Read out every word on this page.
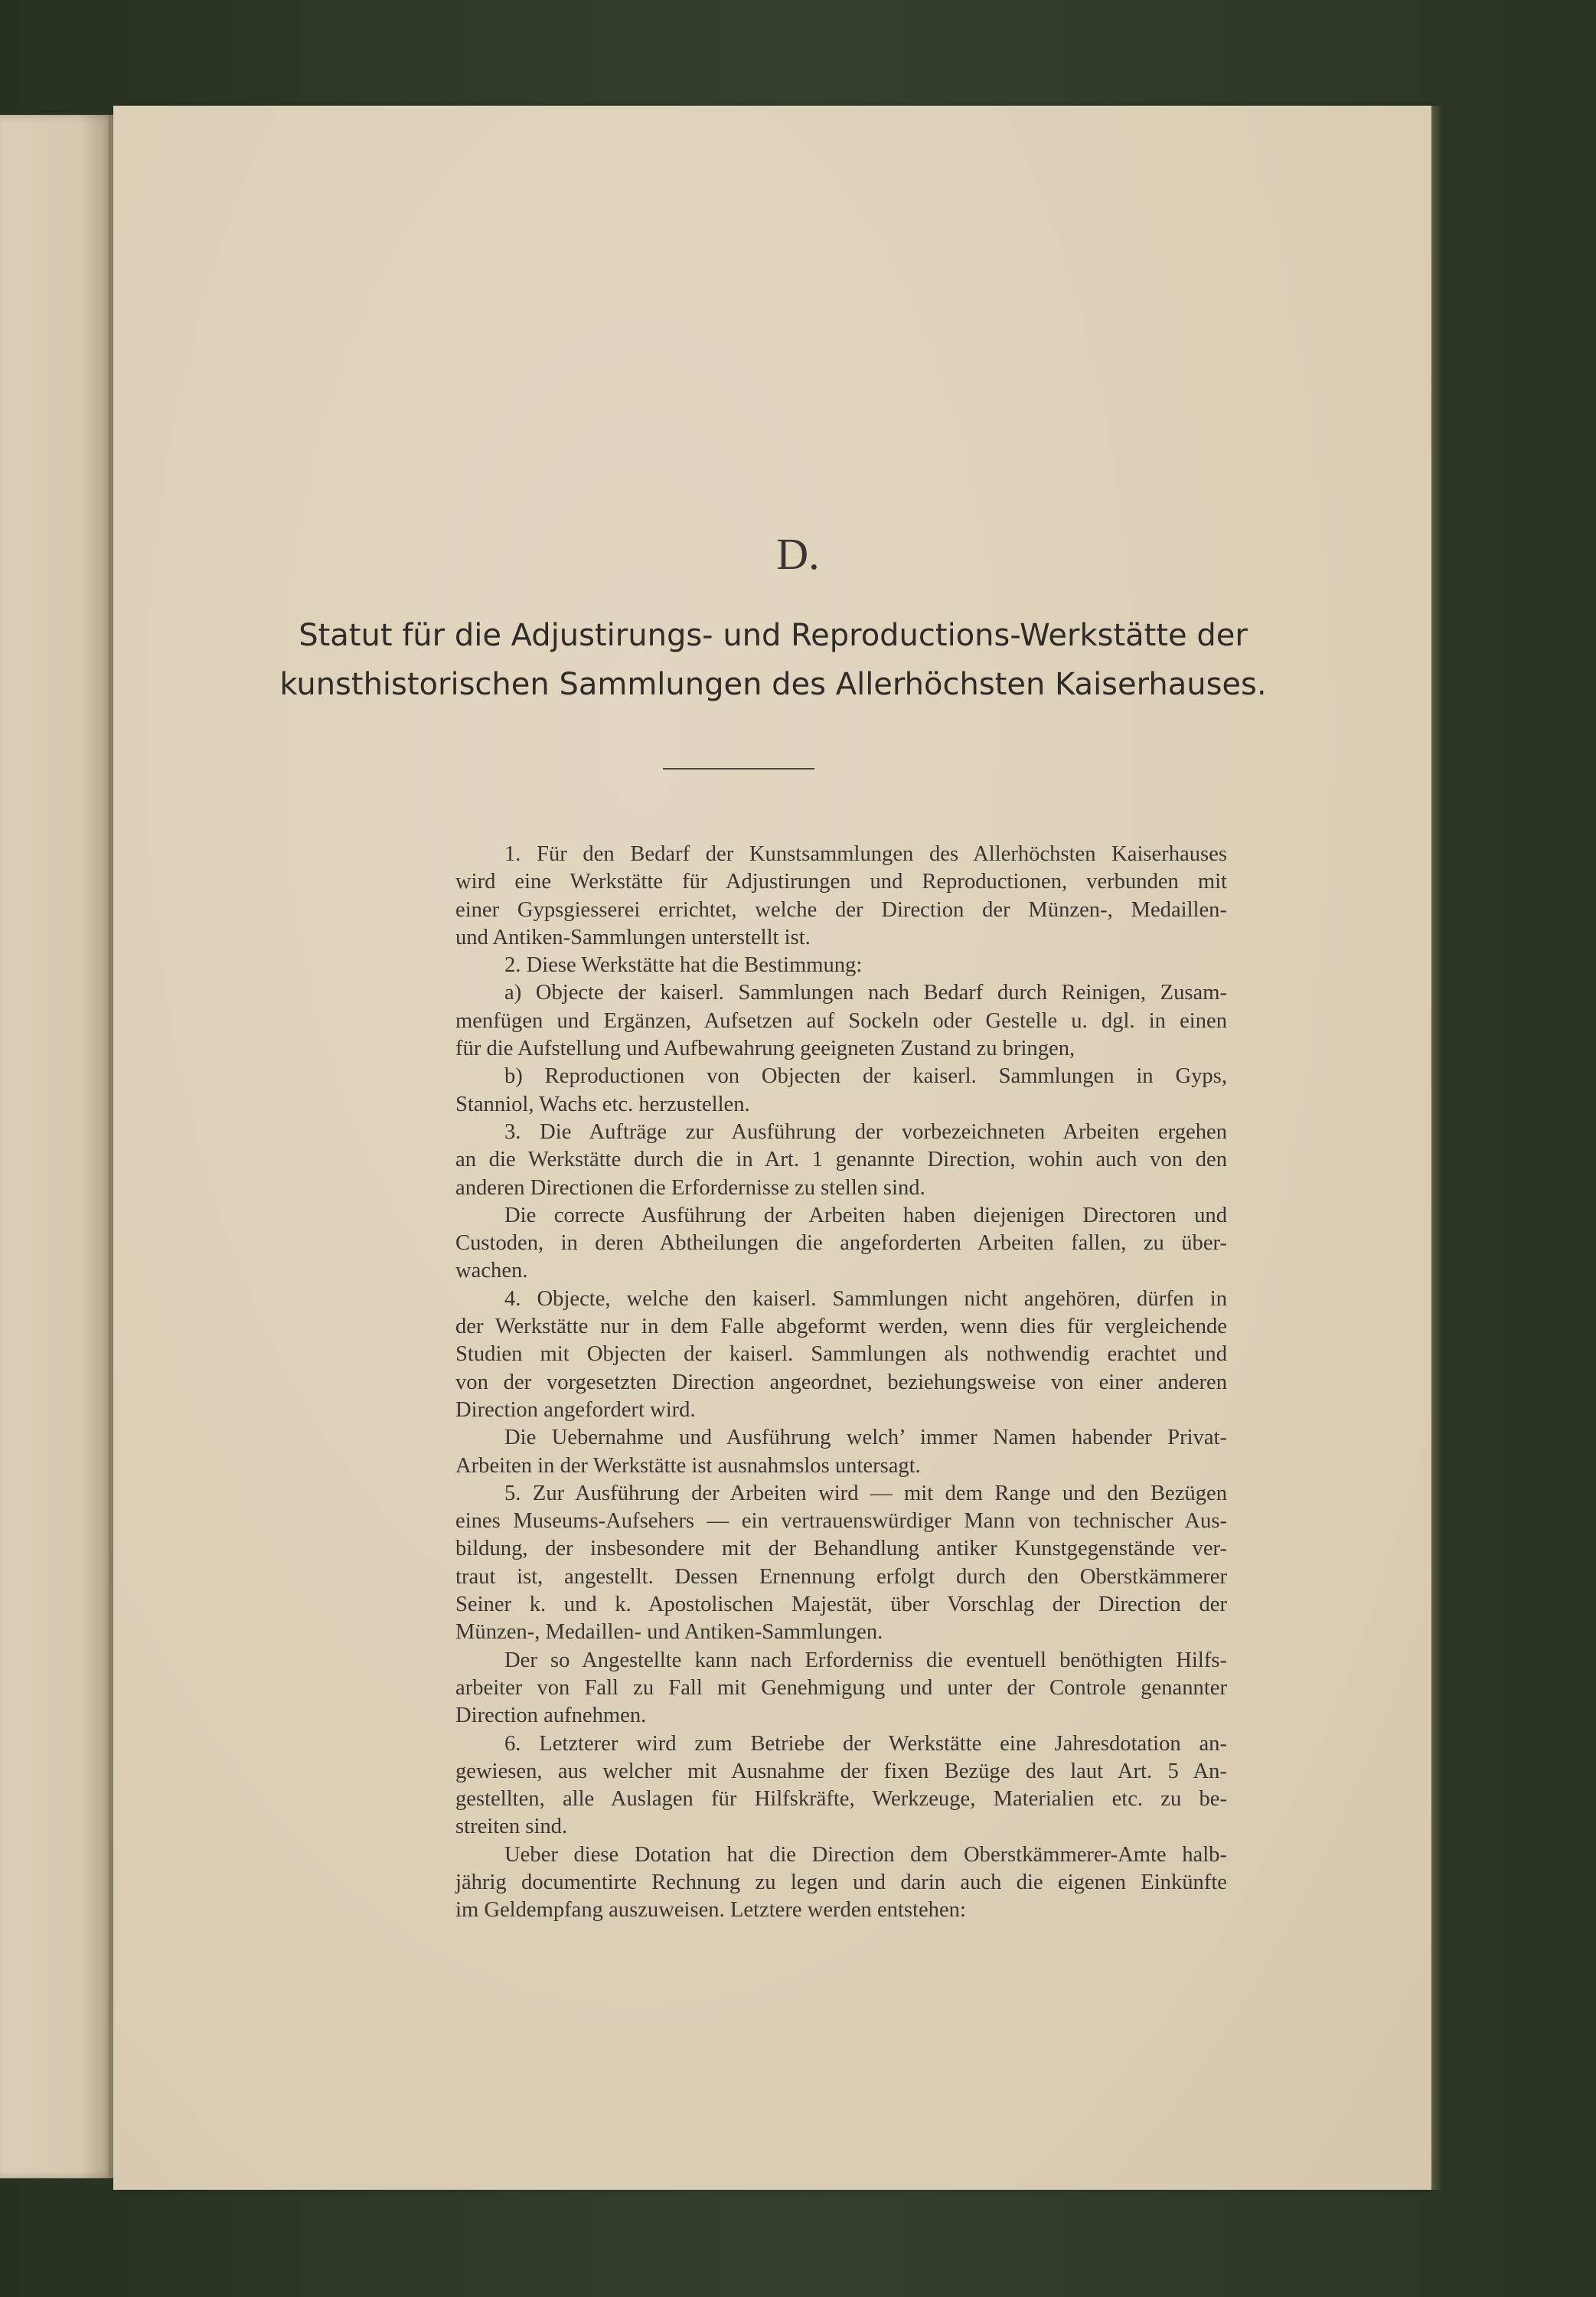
D.
Statut für die Adjustirungs- und Reproductions-Werkstätte der
kunsthistorischen Sammlungen des Allerhöchsten Kaiserhauses.

1. Für den Bedarf der Kunstsammlungen des Allerhöchsten Kaiserhauses

wird eine Werkstätte für Adjustirungen und Reproductionen, verbunden mit

einer Gypsgiesserei errichtet, welche der Direction der Münzen-, Medaillen-

und Antiken-Sammlungen unterstellt ist.

2. Diese Werkstätte hat die Bestimmung:

a) Objecte der kaiserl. Sammlungen nach Bedarf durch Reinigen, Zusam-

menfügen und Ergänzen, Aufsetzen auf Sockeln oder Gestelle u. dgl. in einen

für die Aufstellung und Aufbewahrung geeigneten Zustand zu bringen,

b) Reproductionen von Objecten der kaiserl. Sammlungen in Gyps,

Stanniol, Wachs etc. herzustellen.

3. Die Aufträge zur Ausführung der vorbezeichneten Arbeiten ergehen

an die Werkstätte durch die in Art. 1 genannte Direction, wohin auch von den

anderen Directionen die Erfordernisse zu stellen sind.

Die correcte Ausführung der Arbeiten haben diejenigen Directoren und

Custoden, in deren Abtheilungen die angeforderten Arbeiten fallen, zu über-

wachen.

4. Objecte, welche den kaiserl. Sammlungen nicht angehören, dürfen in

der Werkstätte nur in dem Falle abgeformt werden, wenn dies für vergleichende

Studien mit Objecten der kaiserl. Sammlungen als nothwendig erachtet und

von der vorgesetzten Direction angeordnet, beziehungsweise von einer anderen

Direction angefordert wird.

Die Uebernahme und Ausführung welch’ immer Namen habender Privat-

Arbeiten in der Werkstätte ist ausnahmslos untersagt.

5. Zur Ausführung der Arbeiten wird — mit dem Range und den Bezügen

eines Museums-Aufsehers — ein vertrauenswürdiger Mann von technischer Aus-

bildung, der insbesondere mit der Behandlung antiker Kunstgegenstände ver-

traut ist, angestellt. Dessen Ernennung erfolgt durch den Oberstkämmerer

Seiner k. und k. Apostolischen Majestät, über Vorschlag der Direction der

Münzen-, Medaillen- und Antiken-Sammlungen.

Der so Angestellte kann nach Erforderniss die eventuell benöthigten Hilfs-

arbeiter von Fall zu Fall mit Genehmigung und unter der Controle genannter

Direction aufnehmen.

6. Letzterer wird zum Betriebe der Werkstätte eine Jahresdotation an-

gewiesen, aus welcher mit Ausnahme der fixen Bezüge des laut Art. 5 An-

gestellten, alle Auslagen für Hilfskräfte, Werkzeuge, Materialien etc. zu be-

streiten sind.

Ueber diese Dotation hat die Direction dem Oberstkämmerer-Amte halb-

jährig documentirte Rechnung zu legen und darin auch die eigenen Einkünfte

im Geldempfang auszuweisen. Letztere werden entstehen:
